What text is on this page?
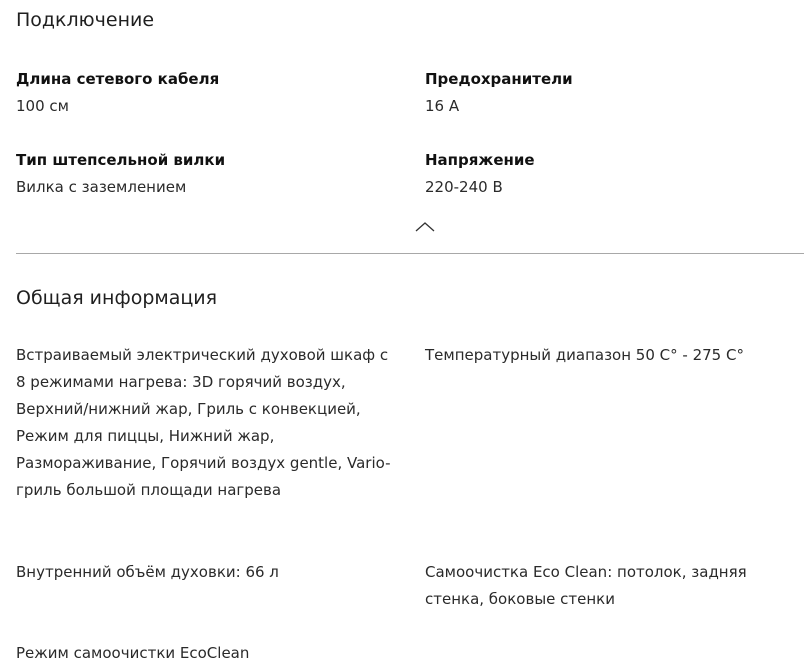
Подключение
Длина сетевого кабеля
100 см
Предохранители
16 A
Тип штепсельной вилки
Вилка с заземлением
Напряжение
220-240 В
Общая информация

Встраиваемый электрический духовой шкаф с 8 режимами нагрева: 3D горячий воздух, Верхний/нижний жар, Гриль с конвекцией, Режим для пиццы, Нижний жар, Размораживание, Горячий воздух gentle, Vario-гриль большой площади нагрева

Температурный диапазон 50 C° - 275 C°

Внутренний объём духовки: 66 л	Самоочистка Eco Clean: потолок, задняя стенка, боковые стенки

Режим самоочистки EcoClean
